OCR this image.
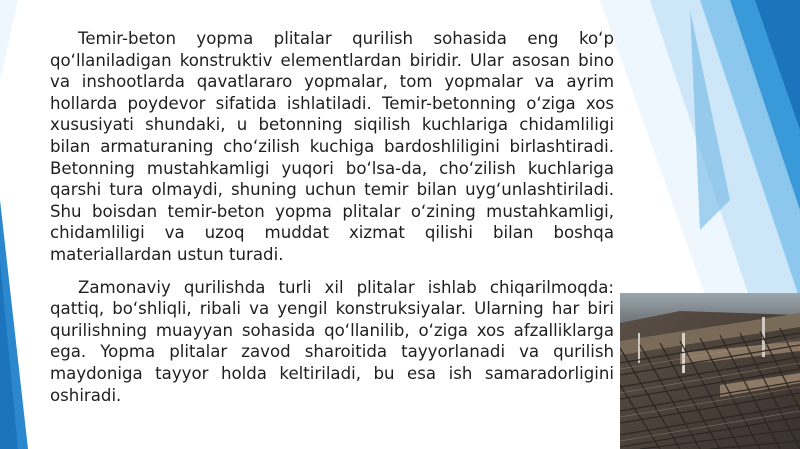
Temir-beton yopma plitalar qurilish sohasida eng ko‘p qo‘llaniladigan konstruktiv elementlardan biridir. Ular asosan bino va inshootlarda qavatlararo yopmalar, tom yopmalar va ayrim hollarda poydevor sifatida ishlatiladi. Temir-betonning o‘ziga xos xususiyati shundaki, u betonning siqilish kuchlariga chidamliligi bilan armaturaning cho‘zilish kuchiga bardoshliligini birlashtiradi. Betonning mustahkamligi yuqori bo‘lsa-da, cho‘zilish kuchlariga qarshi tura olmaydi, shuning uchun temir bilan uyg‘unlashtiriladi. Shu boisdan temir-beton yopma plitalar o‘zining mustahkamligi, chidamliligi va uzoq muddat xizmat qilishi bilan boshqa materiallardan ustun turadi.

Zamonaviy qurilishda turli xil plitalar ishlab chiqarilmoqda: qattiq, bo‘shliqli, ribali va yengil konstruksiyalar. Ularning har biri qurilishning muayyan sohasida qo‘llanilib, o‘ziga xos afzalliklarga ega. Yopma plitalar zavod sharoitida tayyorlanadi va qurilish maydoniga tayyor holda keltiriladi, bu esa ish samaradorligini oshiradi.
